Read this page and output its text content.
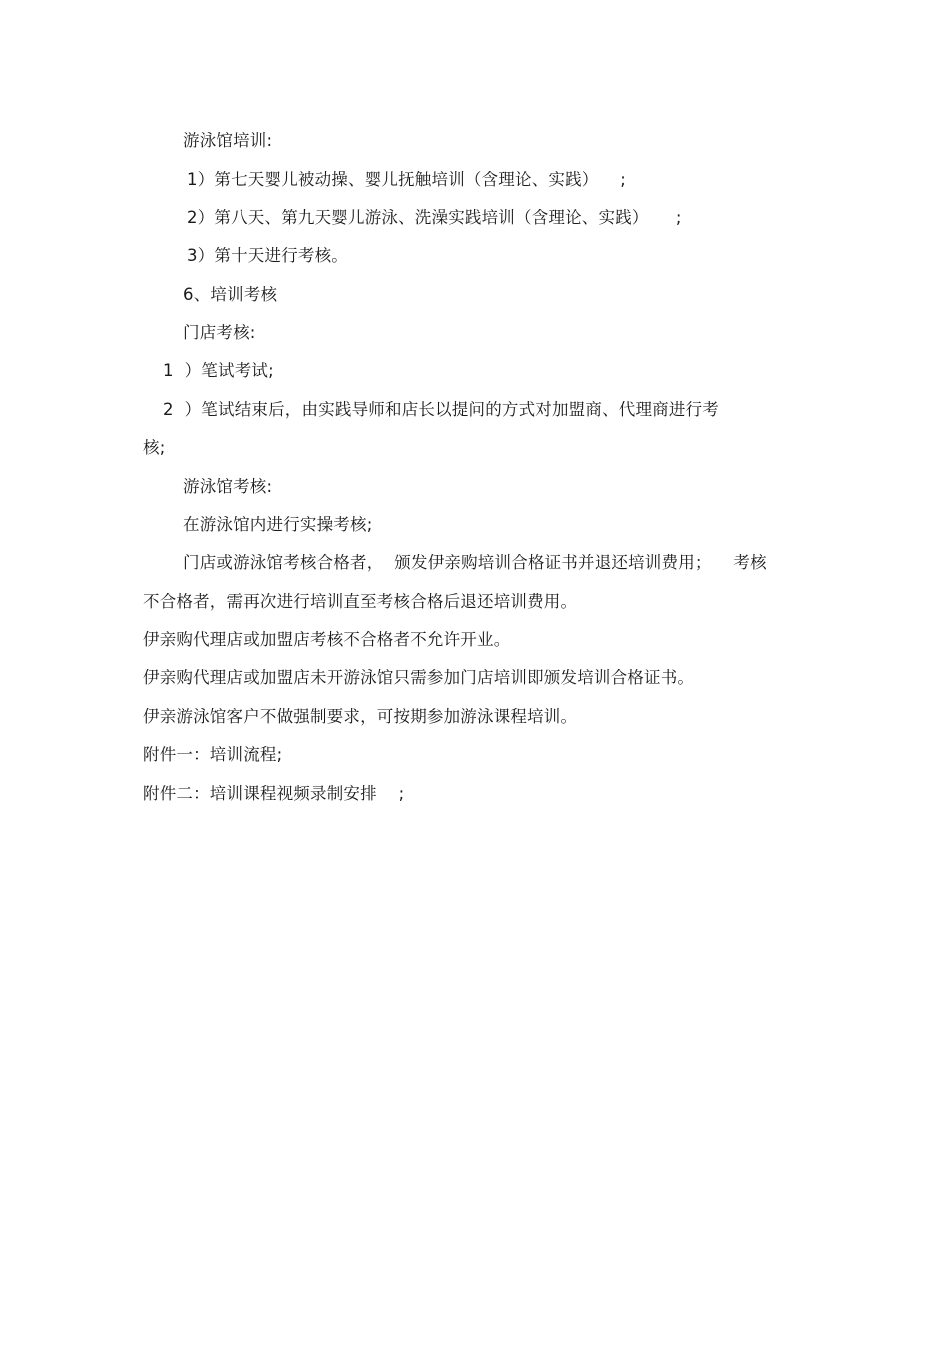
游泳馆培训:
1）第七天婴儿被动操、婴儿抚触培训（含理论、实践）    ;
2）第八天、第九天婴儿游泳、洗澡实践培训（含理论、实践）     ;
3）第十天进行考核。
6、培训考核
门店考核:
1  ）笔试考试;
2  ）笔试结束后，由实践导师和店长以提问的方式对加盟商、代理商进行考
核;
游泳馆考核:
在游泳馆内进行实操考核;
门店或游泳馆考核合格者，  颁发伊亲购培训合格证书并退还培训费用；    考核
不合格者，需再次进行培训直至考核合格后退还培训费用。
伊亲购代理店或加盟店考核不合格者不允许开业。
伊亲购代理店或加盟店未开游泳馆只需参加门店培训即颁发培训合格证书。
伊亲游泳馆客户不做强制要求，可按期参加游泳课程培训。
附件一：培训流程;
附件二：培训课程视频录制安排    ;
